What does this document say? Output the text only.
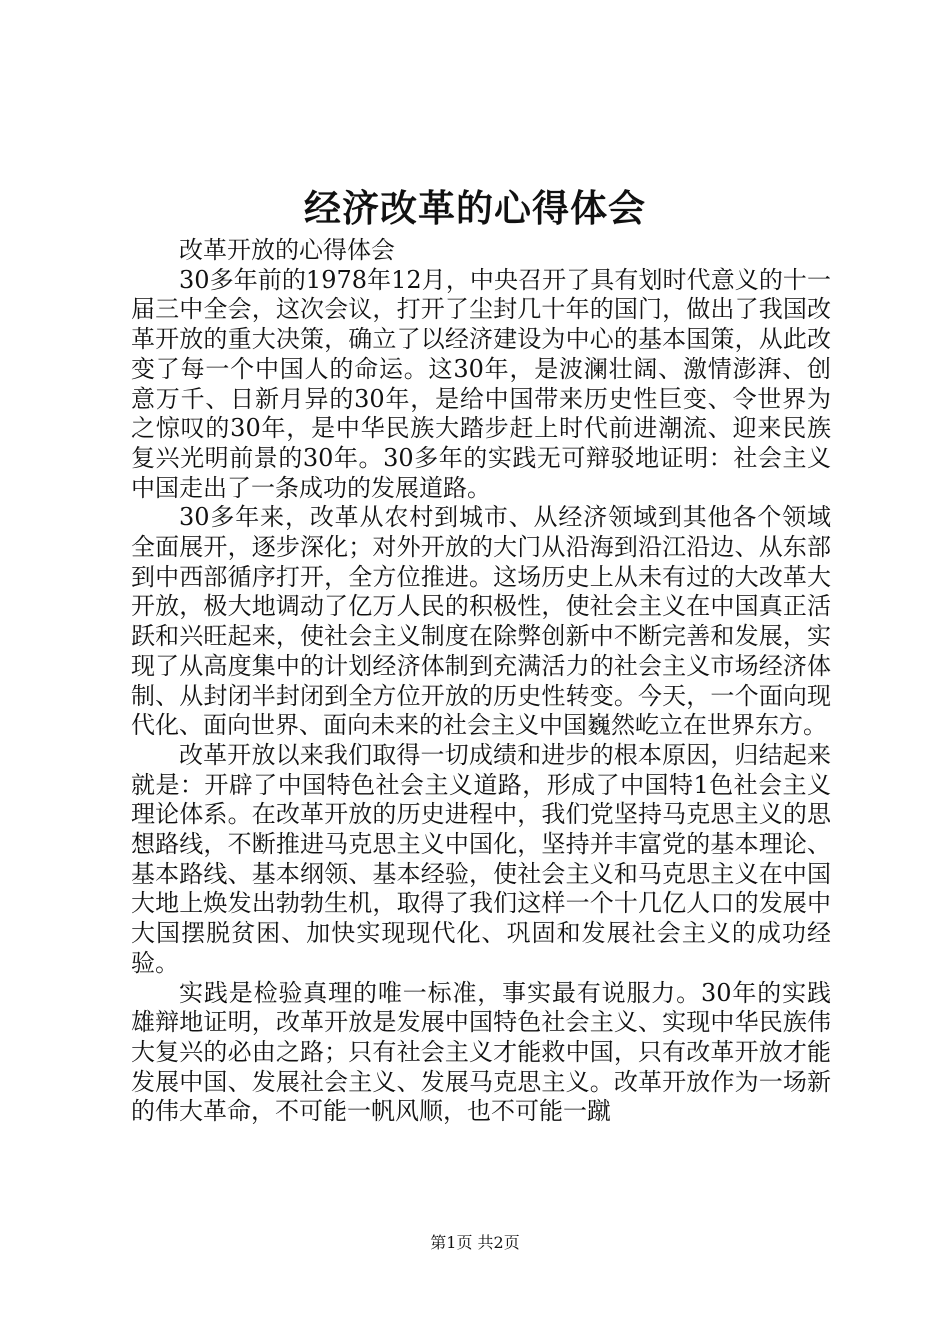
经济改革的心得体会

改革开放的心得体会

30多年前的1978年12月，中央召开了具有划时代意义的十一届三中全会，这次会议，打开了尘封几十年的国门，做出了我国改革开放的重大决策，确立了以经济建设为中心的基本国策，从此改变了每一个中国人的命运。这30年，是波澜壮阔、激情澎湃、创意万千、日新月异的30年，是给中国带来历史性巨变、令世界为之惊叹的30年，是中华民族大踏步赶上时代前进潮流、迎来民族复兴光明前景的30年。30多年的实践无可辩驳地证明：社会主义中国走出了一条成功的发展道路。

30多年来，改革从农村到城市、从经济领域到其他各个领域全面展开，逐步深化；对外开放的大门从沿海到沿江沿边、从东部到中西部循序打开，全方位推进。这场历史上从未有过的大改革大开放，极大地调动了亿万人民的积极性，使社会主义在中国真正活跃和兴旺起来，使社会主义制度在除弊创新中不断完善和发展，实现了从高度集中的计划经济体制到充满活力的社会主义市场经济体制、从封闭半封闭到全方位开放的历史性转变。今天，一个面向现代化、面向世界、面向未来的社会主义中国巍然屹立在世界东方。

改革开放以来我们取得一切成绩和进步的根本原因，归结起来就是：开辟了中国特色社会主义道路，形成了中国特1色社会主义理论体系。在改革开放的历史进程中，我们党坚持马克思主义的思想路线，不断推进马克思主义中国化，坚持并丰富党的基本理论、基本路线、基本纲领、基本经验，使社会主义和马克思主义在中国大地上焕发出勃勃生机，取得了我们这样一个十几亿人口的发展中大国摆脱贫困、加快实现现代化、巩固和发展社会主义的成功经验。

实践是检验真理的唯一标准，事实最有说服力。30年的实践雄辩地证明，改革开放是发展中国特色社会主义、实现中华民族伟大复兴的必由之路；只有社会主义才能救中国，只有改革开放才能发展中国、发展社会主义、发展马克思主义。改革开放作为一场新的伟大革命，不可能一帆风顺，也不可能一蹴

第1页 共2页
